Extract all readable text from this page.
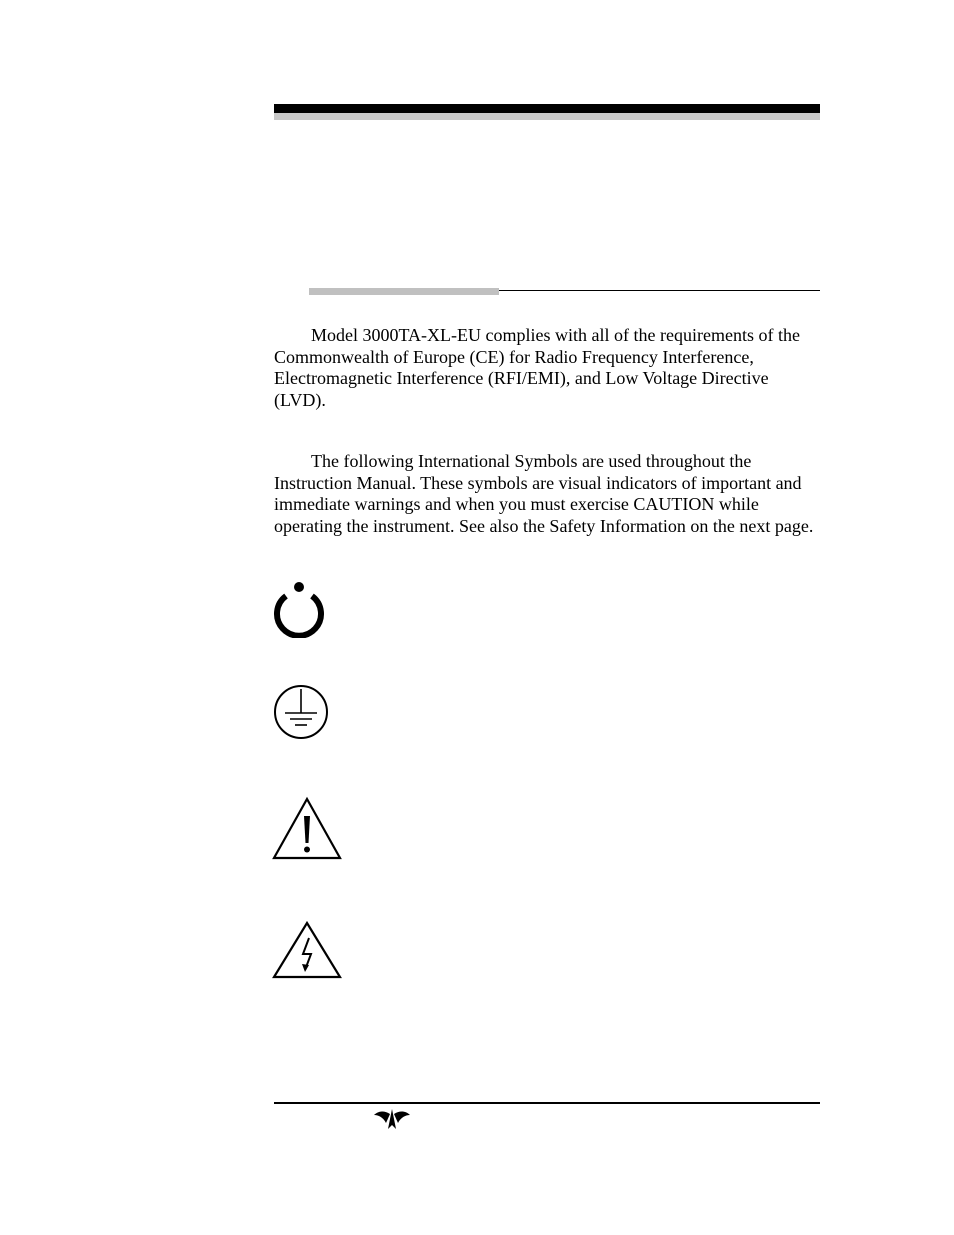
Model 3000TA-XL-EU complies with all of the requirements of the Commonwealth of Europe (CE) for Radio Frequency Interference, Electromagnetic Interference (RFI/EMI), and Low Voltage Directive (LVD).

The following International Symbols are used throughout the Instruction Manual. These symbols are visual indicators of important and immediate warnings and when you must exercise CAUTION while operating the instrument. See also the Safety Information on the next page.
